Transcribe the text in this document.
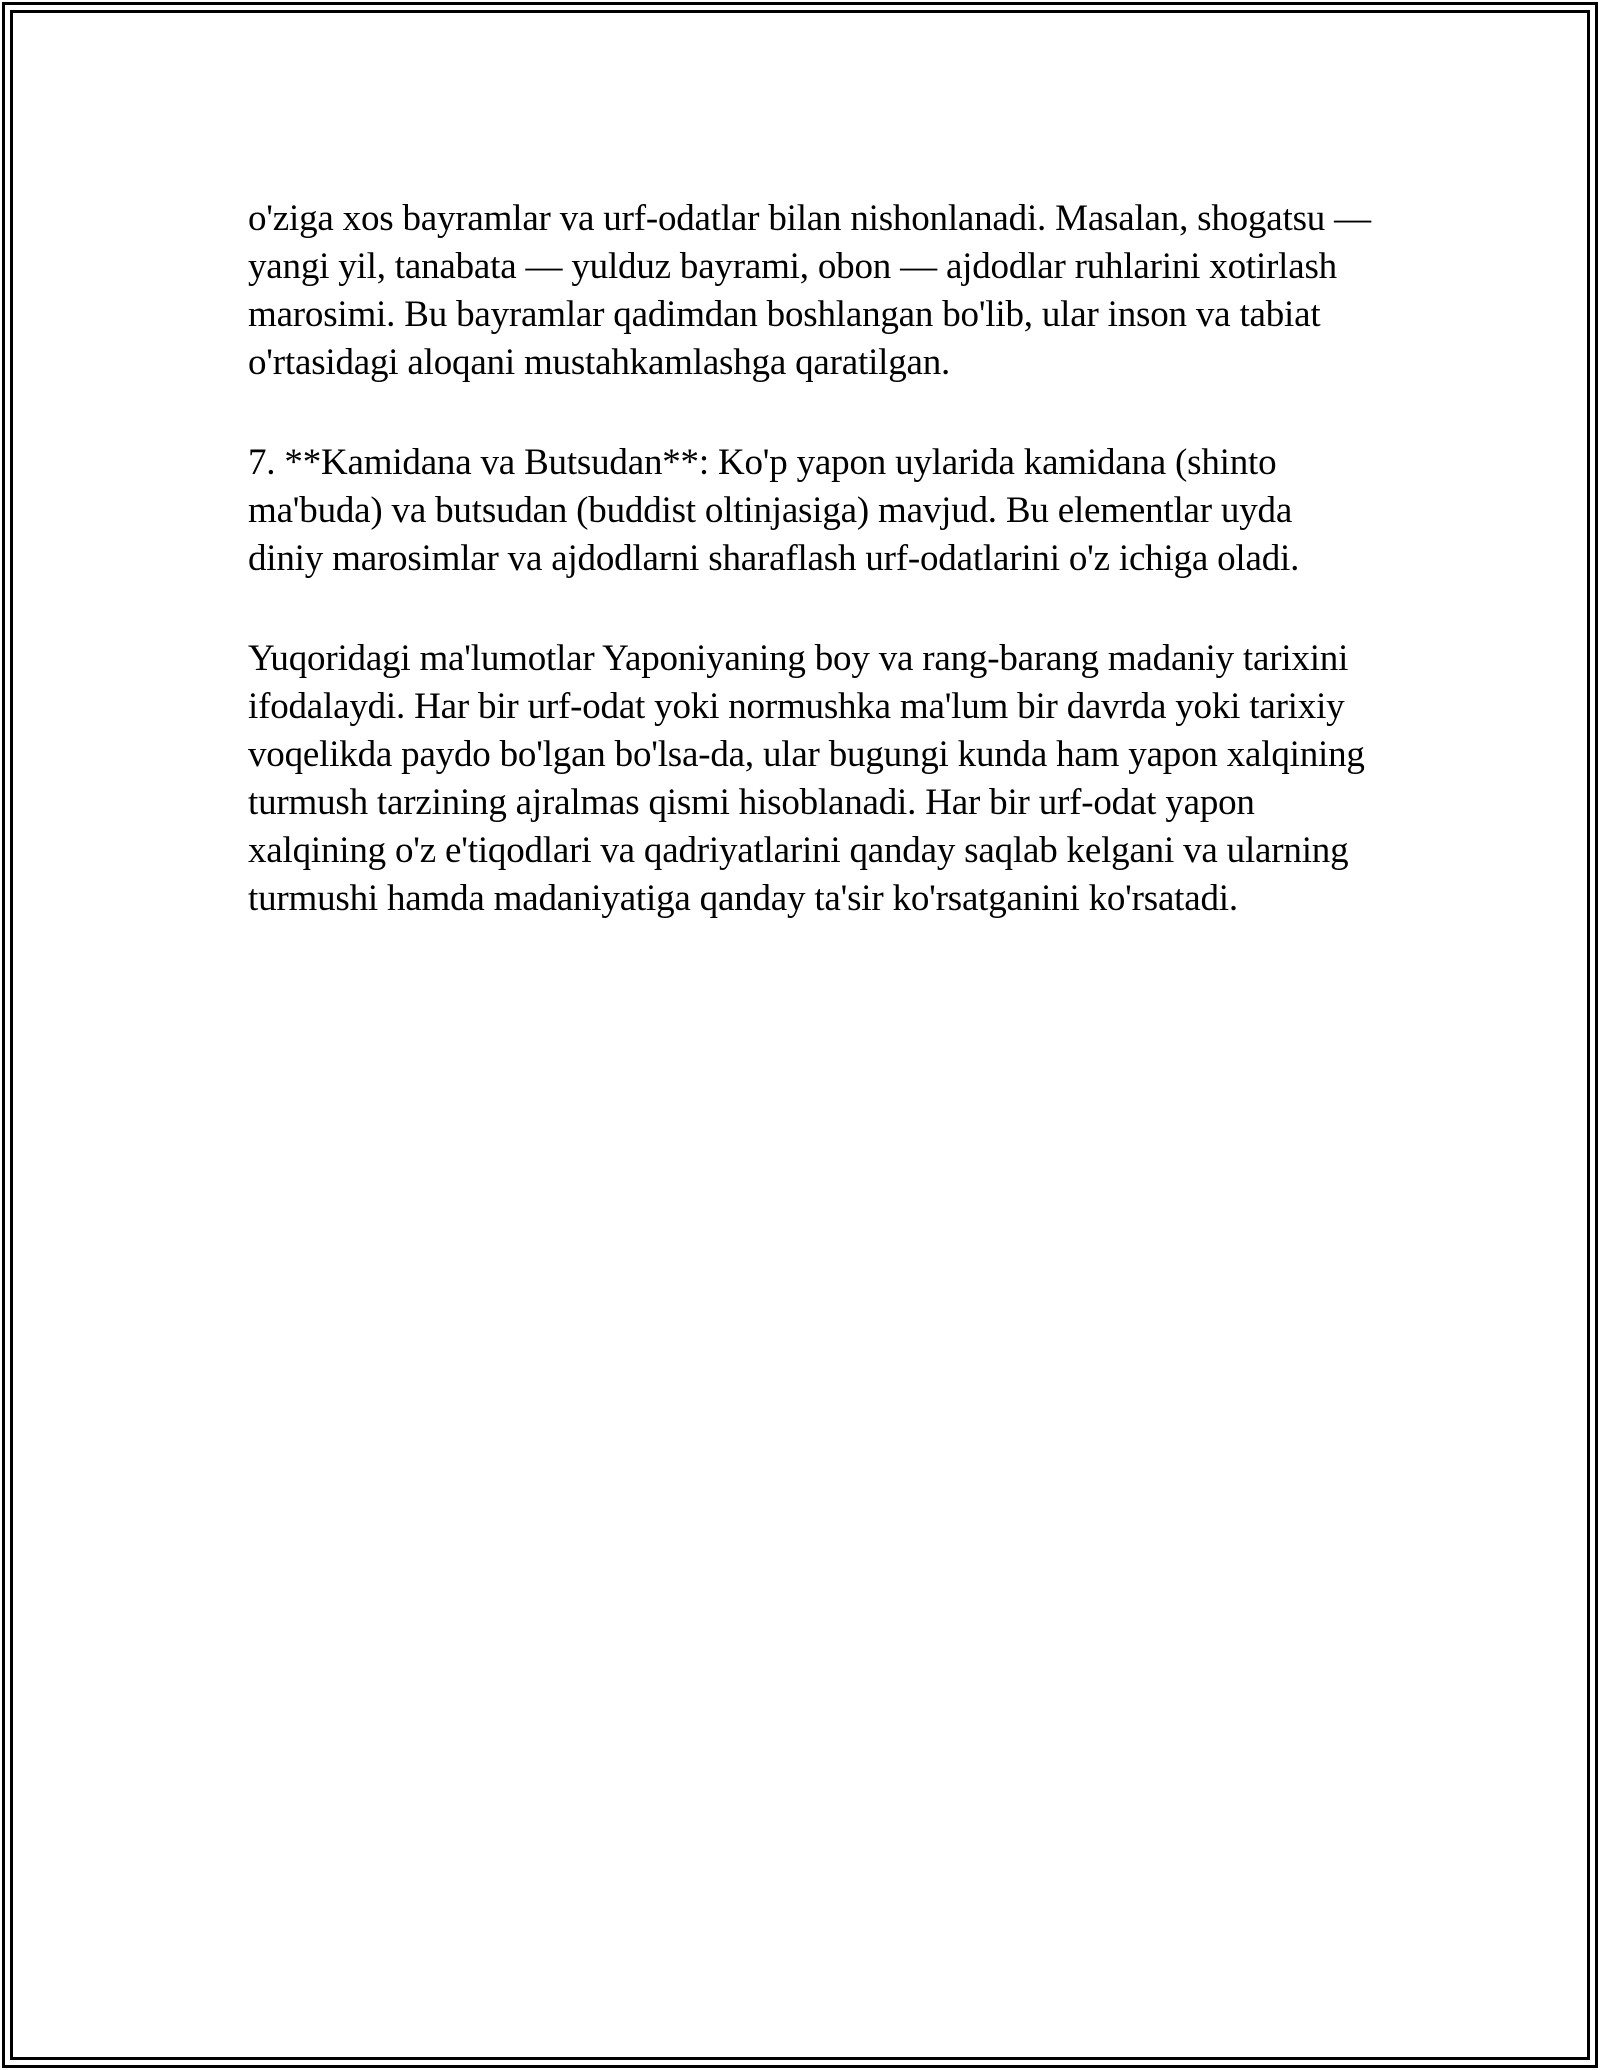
o'ziga xos bayramlar va urf-odatlar bilan nishonlanadi. Masalan, shogatsu —
yangi yil, tanabata — yulduz bayrami, obon — ajdodlar ruhlarini xotirlash
marosimi. Bu bayramlar qadimdan boshlangan bo'lib, ular inson va tabiat
o'rtasidagi aloqani mustahkamlashga qaratilgan.
7. **Kamidana va Butsudan**: Ko'p yapon uylarida kamidana (shinto
ma'buda) va butsudan (buddist oltinjasiga) mavjud. Bu elementlar uyda
diniy marosimlar va ajdodlarni sharaflash urf-odatlarini o'z ichiga oladi.
Yuqoridagi ma'lumotlar Yaponiyaning boy va rang-barang madaniy tarixini
ifodalaydi. Har bir urf-odat yoki normushka ma'lum bir davrda yoki tarixiy
voqelikda paydo bo'lgan bo'lsa-da, ular bugungi kunda ham yapon xalqining
turmush tarzining ajralmas qismi hisoblanadi. Har bir urf-odat yapon
xalqining o'z e'tiqodlari va qadriyatlarini qanday saqlab kelgani va ularning
turmushi hamda madaniyatiga qanday ta'sir ko'rsatganini ko'rsatadi.
